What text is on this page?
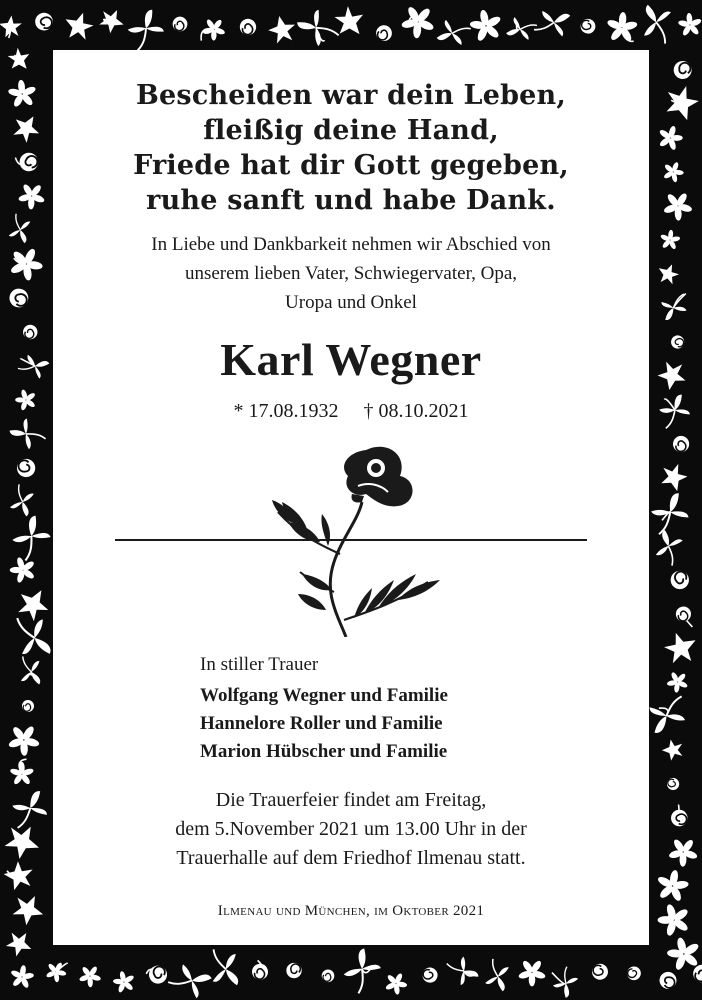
Bescheiden war dein Leben,
fleißig deine Hand,
Friede hat dir Gott gegeben,
ruhe sanft und habe Dank.
In Liebe und Dankbarkeit nehmen wir Abschied von
unserem lieben Vater, Schwiegervater, Opa,
Uropa und Onkel
Karl Wegner
* 17.08.1932 † 08.10.2021
In stiller Trauer
Wolfgang Wegner und Familie
Hannelore Roller und Familie
Marion Hübscher und Familie
Die Trauerfeier findet am Freitag,
dem 5.November 2021 um 13.00 Uhr in der
Trauerhalle auf dem Friedhof Ilmenau statt.
Ilmenau und München, im Oktober 2021
